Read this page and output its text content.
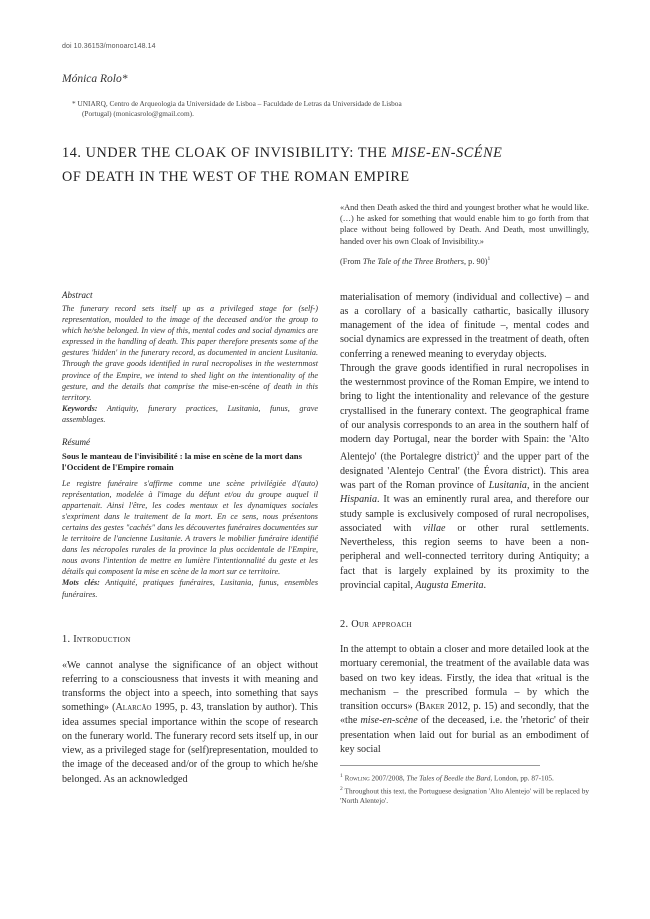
doi 10.36153/monoarc148.14
Mónica Rolo*
* UNIARQ, Centro de Arqueologia da Universidade de Lisboa – Faculdade de Letras da Universidade de Lisboa
(Portugal) (monicasrolo@gmail.com).
14. UNDER THE CLOAK OF INVISIBILITY: THE MISE-EN-SCÉNE
OF DEATH IN THE WEST OF THE ROMAN EMPIRE
Abstract
The funerary record sets itself up as a privileged stage for (self-) representation, moulded to the image of the deceased and/or the group to which he/she belonged. In view of this, mental codes and social dynamics are expressed in the handling of death. This paper therefore presents some of the gestures 'hidden' in the funerary record, as documented in ancient Lusitania. Through the grave goods identified in rural necropolises in the westernmost province of the Empire, we intend to shed light on the intentionality of the gesture, and the details that comprise the mise-en-scéne of death in this territory.
Keywords: Antiquity, funerary practices, Lusitania, funus, grave assemblages.
Résumé
Sous le manteau de l'invisibilité : la mise en scène de la mort dans l'Occident de l'Empire romain
Le registre funéraire s'affirme comme une scène privilégiée d'(auto) représentation, modelée à l'image du défunt et/ou du groupe auquel il appartenait. Ainsi l'être, les codes mentaux et les dynamiques sociales s'expriment dans le traitement de la mort. En ce sens, nous présentons certains des gestes "cachés" dans les découvertes funéraires documentées sur le territoire de l'ancienne Lusitanie. A travers le mobilier funéraire identifié dans les nécropoles rurales de la province la plus occidentale de l'Empire, nous avons l'intention de mettre en lumière l'intentionnalité du geste et les détails qui composent la mise en scène de la mort sur ce territoire.
Mots clés: Antiquité, pratiques funéraires, Lusitania, funus, ensembles funéraires.
1. Introduction
«We cannot analyse the significance of an object without referring to a consciousness that invests it with meaning and transforms the object into a speech, into something that says something» (Alarcão 1995, p. 43, translation by author). This idea assumes special importance within the scope of research on the funerary world. The funerary record sets itself up, in our view, as a privileged stage for (self)representation, moulded to the image of the deceased and/or of the group to which he/she belonged. As an acknowledged
«And then Death asked the third and youngest brother what he would like. (…) he asked for something that would enable him to go forth from that place without being followed by Death. And Death, most unwillingly, handed over his own Cloak of Invisibility.»
(From The Tale of the Three Brothers, p. 90)$^1$
materialisation of memory (individual and collective) – and as a corollary of a basically cathartic, basically illusory management of the idea of finitude –, mental codes and social dynamics are expressed in the treatment of death, often conferring a renewed meaning to everyday objects.
Through the grave goods identified in rural necropolises in the westernmost province of the Roman Empire, we intend to bring to light the intentionality and relevance of the gesture crystallised in the funerary context. The geographical frame of our analysis corresponds to an area in the southern half of modern day Portugal, near the border with Spain: the 'Alto Alentejo' (the Portalegre district)$^2$ and the upper part of the designated 'Alentejo Central' (the Évora district). This area was part of the Roman province of Lusitania, in the ancient Hispania. It was an eminently rural area, and therefore our study sample is exclusively composed of rural necropolises, associated with villae or other rural settlements. Nevertheless, this region seems to have been a non-peripheral and well-connected territory during Antiquity; a fact that is largely explained by its proximity to the provincial capital, Augusta Emerita.
2. Our approach
In the attempt to obtain a closer and more detailed look at the mortuary ceremonial, the treatment of the available data was based on two key ideas. Firstly, the idea that «ritual is the mechanism – the prescribed formula – by which the transition occurs» (Baker 2012, p. 15) and secondly, that the «the mise-en-scène of the deceased, i.e. the 'rhetoric' of their presentation when laid out for burial as an embodiment of key social
$^1$ Rowling 2007/2008, The Tales of Beedle the Bard, London, pp. 87-105.
$^2$ Throughout this text, the Portuguese designation 'Alto Alentejo' will be replaced by 'North Alentejo'.
